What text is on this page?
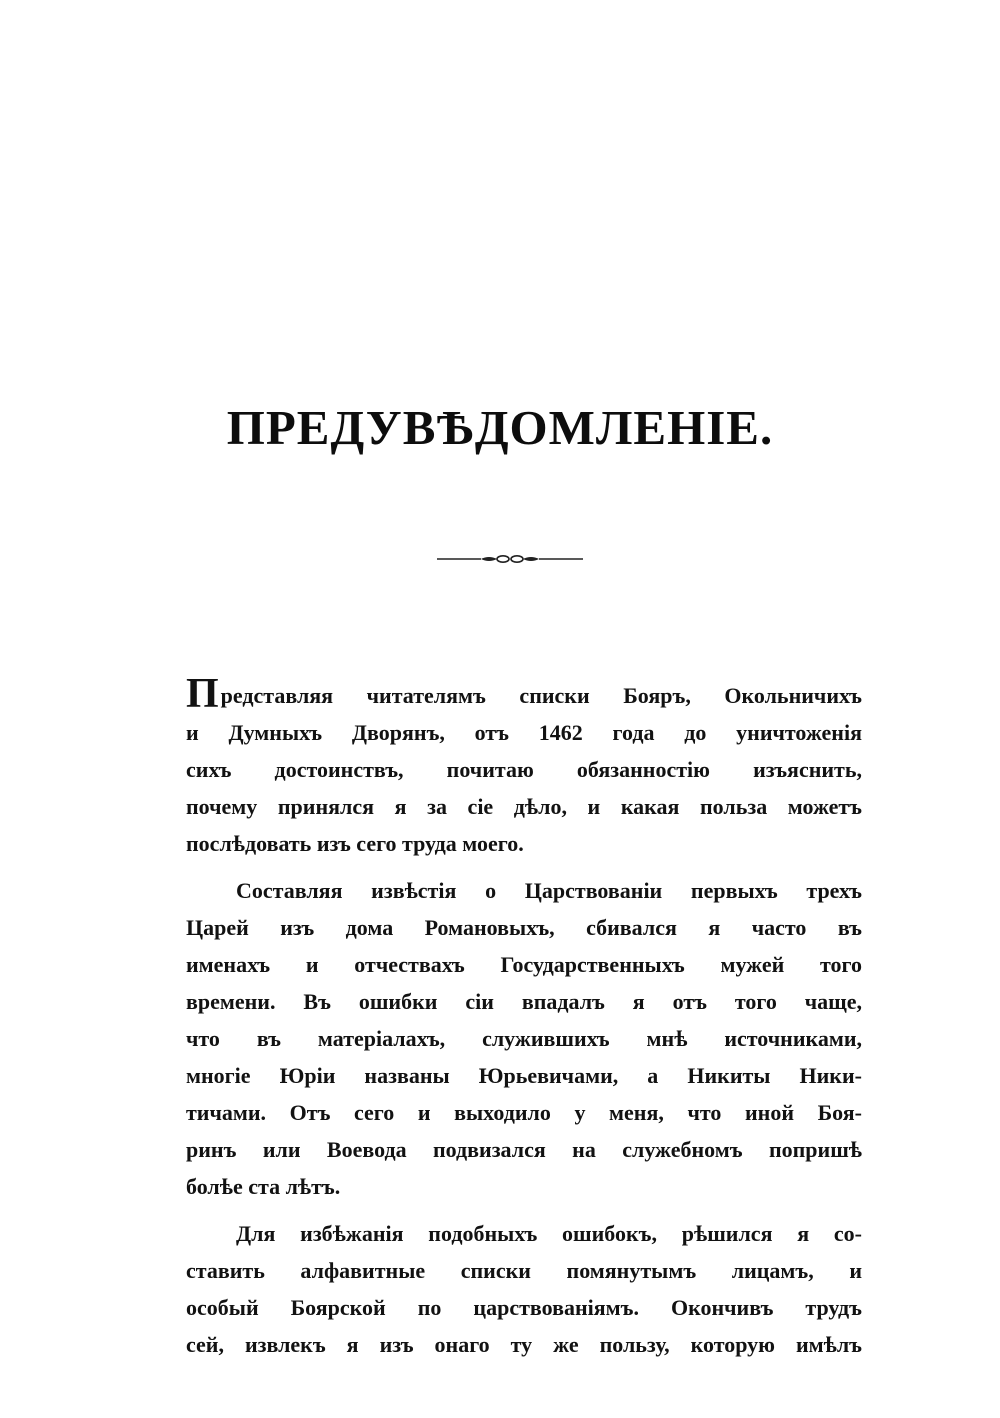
ПРЕДУВѢДОМЛЕНІЕ.
Представляя читателямъ списки Бояръ, Окольничихъ
и Думныхъ Дворянъ, отъ 1462 года до уничтоженія
сихъ достоинствъ, почитаю обязанностію изъяснить,
почему принялся я за сіе дѣло, и какая польза можетъ
послѣдовать изъ сего труда моего.
Составляя извѣстія о Царствованіи первыхъ трехъ
Царей изъ дома Романовыхъ, сбивался я часто въ
именахъ и отчествахъ Государственныхъ мужей того
времени. Въ ошибки сіи впадалъ я отъ того чаще,
что въ матеріалахъ, служившихъ мнѣ источниками,
многіе Юріи названы Юрьевичами, а Никиты Ники-
тичами. Отъ сего и выходило у меня, что иной Боя-
ринъ или Воевода подвизался на служебномъ попришѣ
болѣе ста лѣтъ.
Для избѣжанія подобныхъ ошибокъ, рѣшился я со-
ставить алфавитные списки помянутымъ лицамъ, и
особый Боярской по царствованіямъ. Окончивъ трудъ
сей, извлекъ я изъ онаго ту же пользу, которую имѣлъ
